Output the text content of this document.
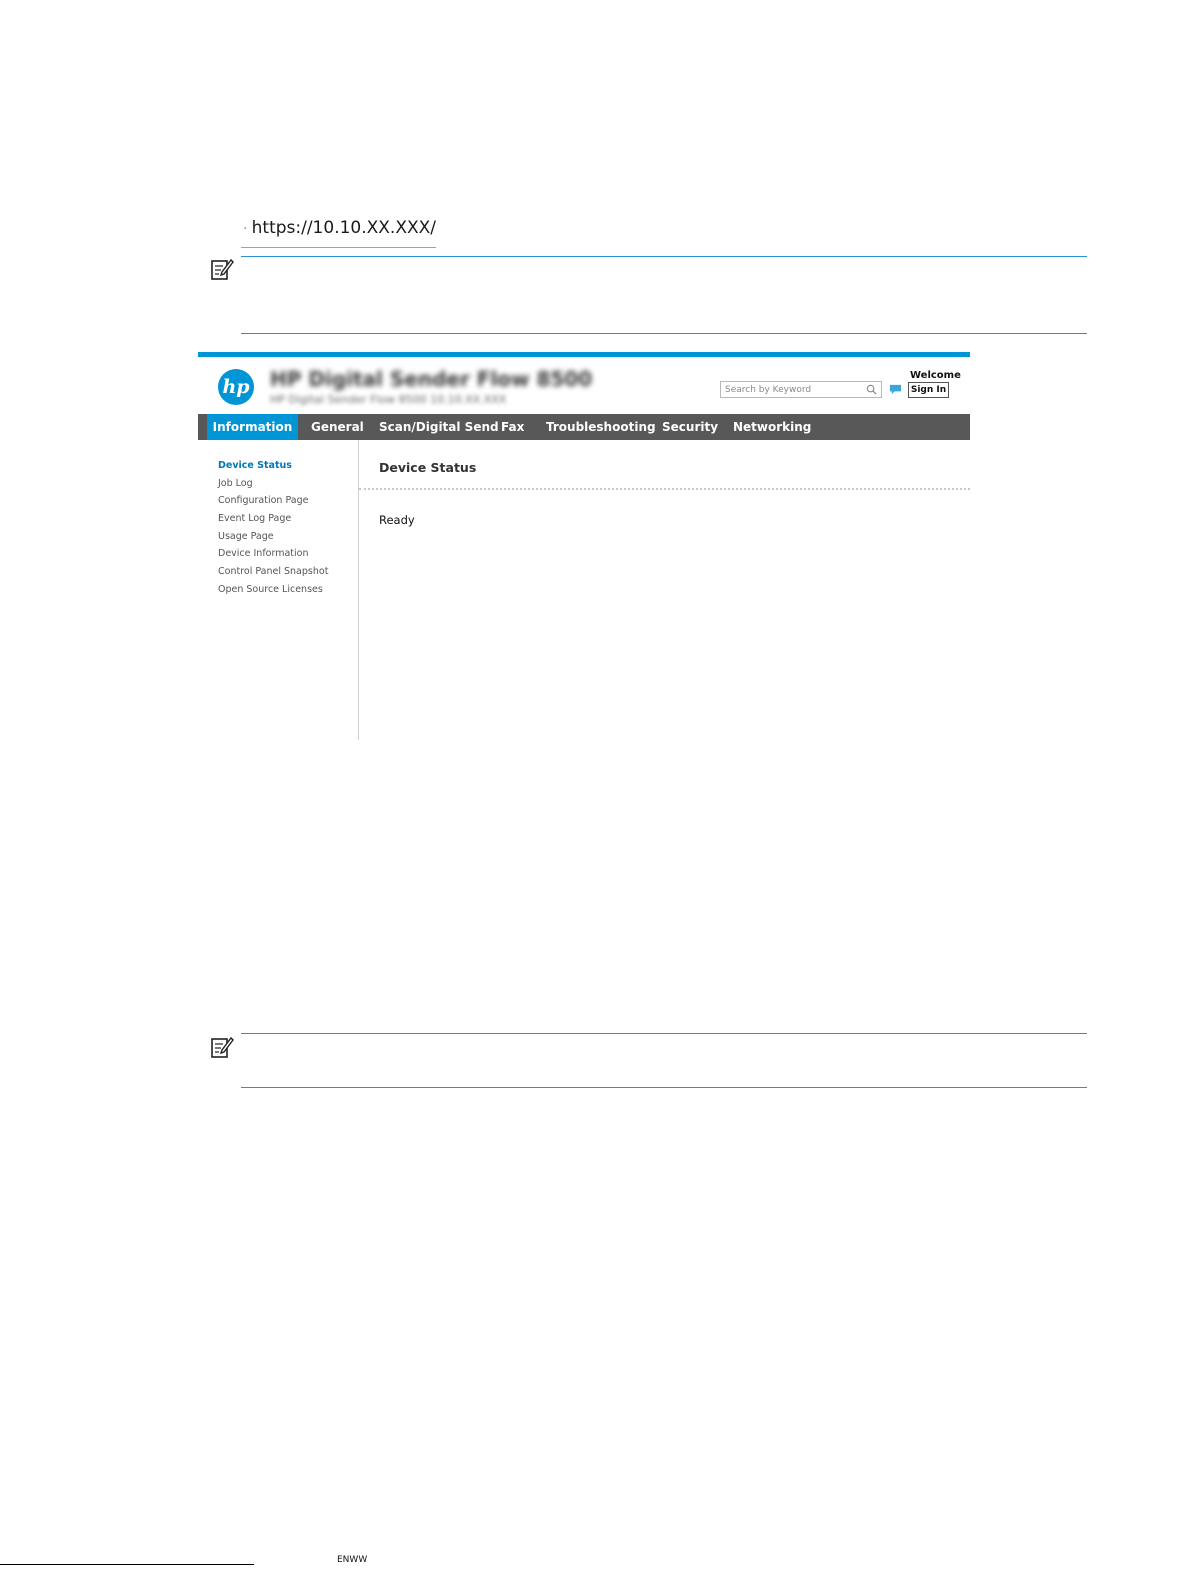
https://10.10.XX.XXX/
hp HP Digital Sender Flow 8500
HP Digital Sender Flow 8500 10.10.XX.XXX
Welcome
Search by Keyword
Sign In
Information	General Scan/Digital Send Fax Troubleshooting Security Networking
Device Status
Job Log
Configuration Page
Event Log Page
Usage Page
Device Information
Control Panel Snapshot
Open Source Licenses
Device Status
Ready
ENWW
